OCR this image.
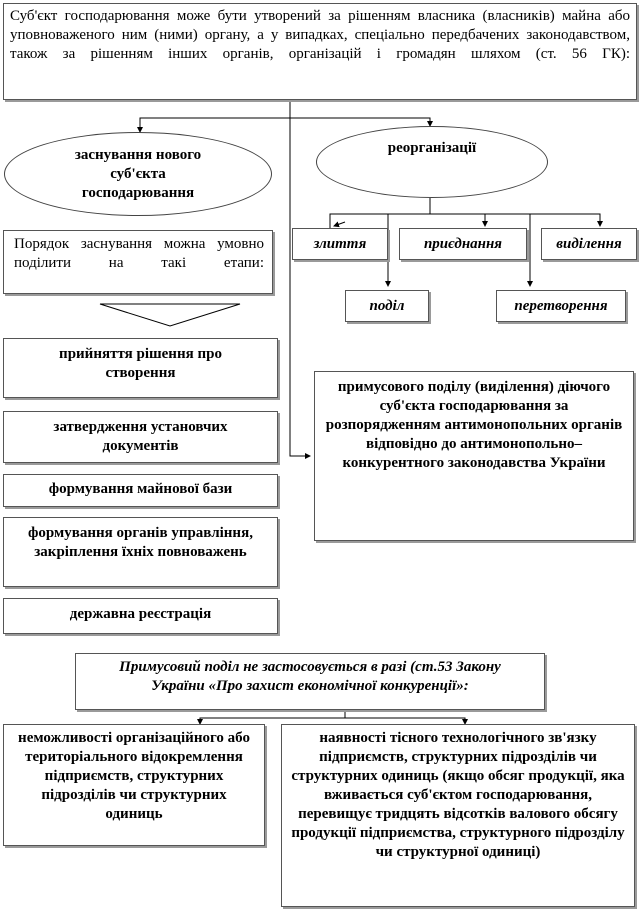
Суб'єкт господарювання може бути утворений за рішенням власника (власників) майна або уповноваженого ним (ними) органу, а у випадках, спеціально передбачених законодавством, також за рішенням інших органів, організацій і громадян шляхом (ст. 56 ГК):
заснування нового суб'єкта господарювання
реорганізації
злиття	приєднання	виділення
поділ	перетворення
Порядок заснування можна умовно поділити на такі етапи:
прийняття рішення про створення
затвердження установчих документів
формування майнової бази
формування органів управління, закріплення їхніх повноважень
державна реєстрація
примусового поділу (виділення) діючого суб'єкта господарювання за розпорядженням антимонопольних органів відповідно до антимонопольно–конкурентного законодавства України
Примусовий поділ не застосовується в разі (ст.53 Закону України «Про захист економічної конкуренції»:
неможливості організаційного або територіального відокремлення підприємств, структурних підрозділів чи структурних одиниць
наявності тісного технологічного зв'язку підприємств, структурних підрозділів чи структурних одиниць (якщо обсяг продукції, яка вживається суб'єктом господарювання, перевищує тридцять відсотків валового обсягу продукції підприємства, структурного підрозділу чи структурної одиниці)
